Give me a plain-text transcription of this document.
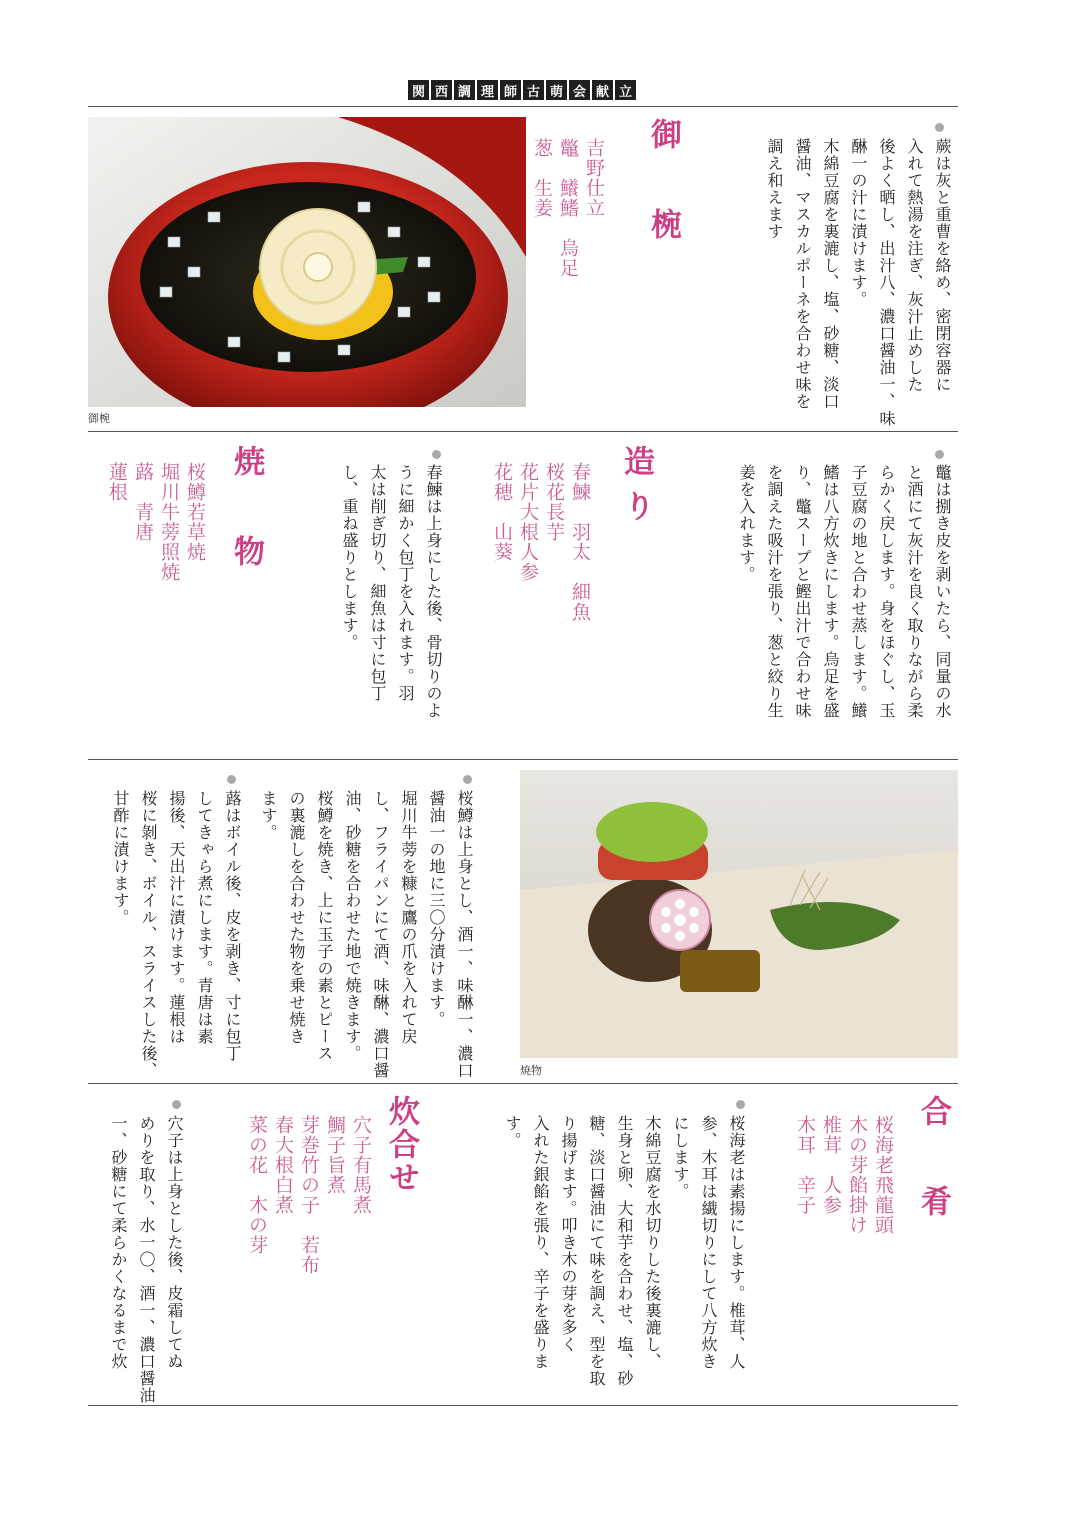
関 西 調 理 師 古 萌 会 献 立
御椀
御　椀
吉野仕立
鼈　鱶鰭　烏足
葱　生姜	蕨は灰と重曹を絡め、密閉容器に
入れて熱湯を注ぎ、灰汁止めした
後よく晒し、出汁八、濃口醤油一、味
醂一の汁に漬けます。
木綿豆腐を裏漉し、塩、砂糖、淡口
醤油、マスカルポーネを合わせ味を
調え和えます
鼈は捌き皮を剥いたら、同量の水
と酒にて灰汁を良く取りながら柔
らかく戻します。身をほぐし、玉
子豆腐の地と合わせ蒸します。鱶
鰭は八方炊きにします。烏足を盛
り、鼈スープと鰹出汁で合わせ味
を調えた吸汁を張り、葱と絞り生
姜を入れます。
造り
春鰊　羽太　細魚
桜花長芋
花片大根人参
花穂　山葵
春鰊は上身にした後、骨切りのよ
うに細かく包丁を入れます。羽
太は削ぎ切り、細魚は寸に包丁
し、重ね盛りとします。
焼　物
桜鱒若草焼
堀川牛蒡照焼
蕗　青唐
蓮根
焼物
桜鱒は上身とし、酒一、味醂一、濃口
醤油一の地に三〇分漬けます。
堀川牛蒡を糠と鷹の爪を入れて戻
し、フライパンにて酒、味醂、濃口醤
油、砂糖を合わせた地で焼きます。
桜鱒を焼き、上に玉子の素とピース
の裏漉しを合わせた物を乗せ焼き
ます。
蕗はボイル後、皮を剥き、寸に包丁
してきゃら煮にします。青唐は素
揚後、天出汁に漬けます。蓮根は
桜に剝き、ボイル、スライスした後、
甘酢に漬けます。
合　肴
桜海老飛龍頭
木の芽餡掛け
椎茸　人参
木耳　辛子
桜海老は素揚にします。椎茸、人
参、木耳は繊切りにして八方炊き
にします。
木綿豆腐を水切りした後裏漉し、
生身と卵、大和芋を合わせ、塩、砂
糖、淡口醤油にて味を調え、型を取
り揚げます。叩き木の芽を多く
入れた銀餡を張り、辛子を盛りま
す。
炊合せ
穴子有馬煮
鯛子旨煮
芽巻竹の子　若布
春大根白煮
菜の花　木の芽
穴子は上身とした後、皮霜してぬ
めりを取り、水一〇、酒一、濃口醤油
一、砂糖にて柔らかくなるまで炊
